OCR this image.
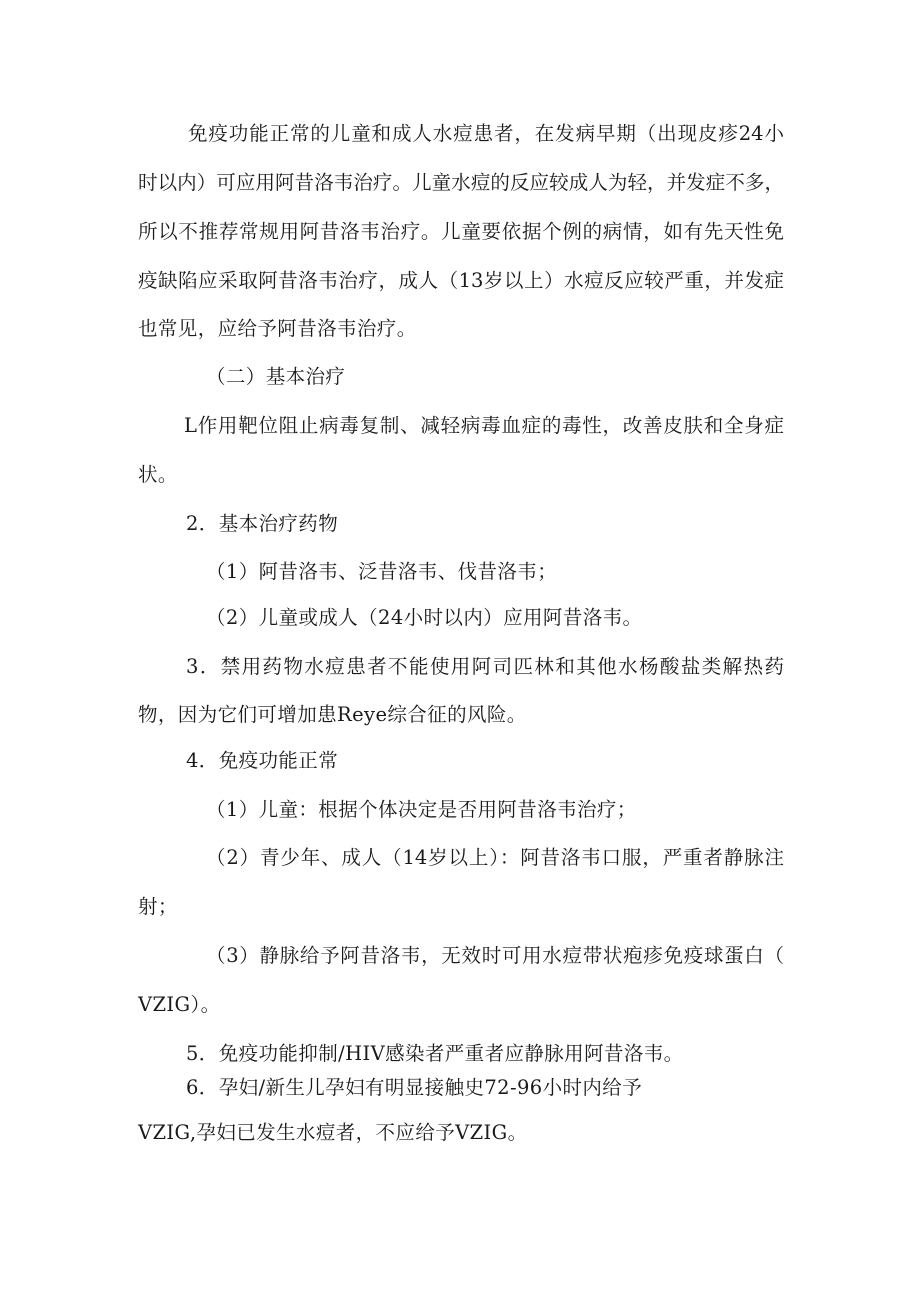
免疫功能正常的儿童和成人水痘患者，在发病早期（出现皮疹24小
时以内）可应用阿昔洛韦治疗。儿童水痘的反应较成人为轻，并发症不多，
所以不推荐常规用阿昔洛韦治疗。儿童要依据个例的病情，如有先天性免
疫缺陷应采取阿昔洛韦治疗，成人（13岁以上）水痘反应较严重，并发症
也常见，应给予阿昔洛韦治疗。
（二）基本治疗
L作用靶位阻止病毒复制、减轻病毒血症的毒性，改善皮肤和全身症
状。
2．基本治疗药物
（1）阿昔洛韦、泛昔洛韦、伐昔洛韦；
（2）儿童或成人（24小时以内）应用阿昔洛韦。
3．禁用药物水痘患者不能使用阿司匹林和其他水杨酸盐类解热药
物，因为它们可增加患Reye综合征的风险。
4．免疫功能正常
（1）儿童：根据个体决定是否用阿昔洛韦治疗；
（2）青少年、成人（14岁以上）：阿昔洛韦口服，严重者静脉注
射；
（3）静脉给予阿昔洛韦，无效时可用水痘带状疱疹免疫球蛋白（
VZIG）。
5．免疫功能抑制/HIV感染者严重者应静脉用阿昔洛韦。
6．孕妇/新生儿孕妇有明显接触史72-96小时内给予
VZIG,孕妇已发生水痘者，不应给予VZIG。
